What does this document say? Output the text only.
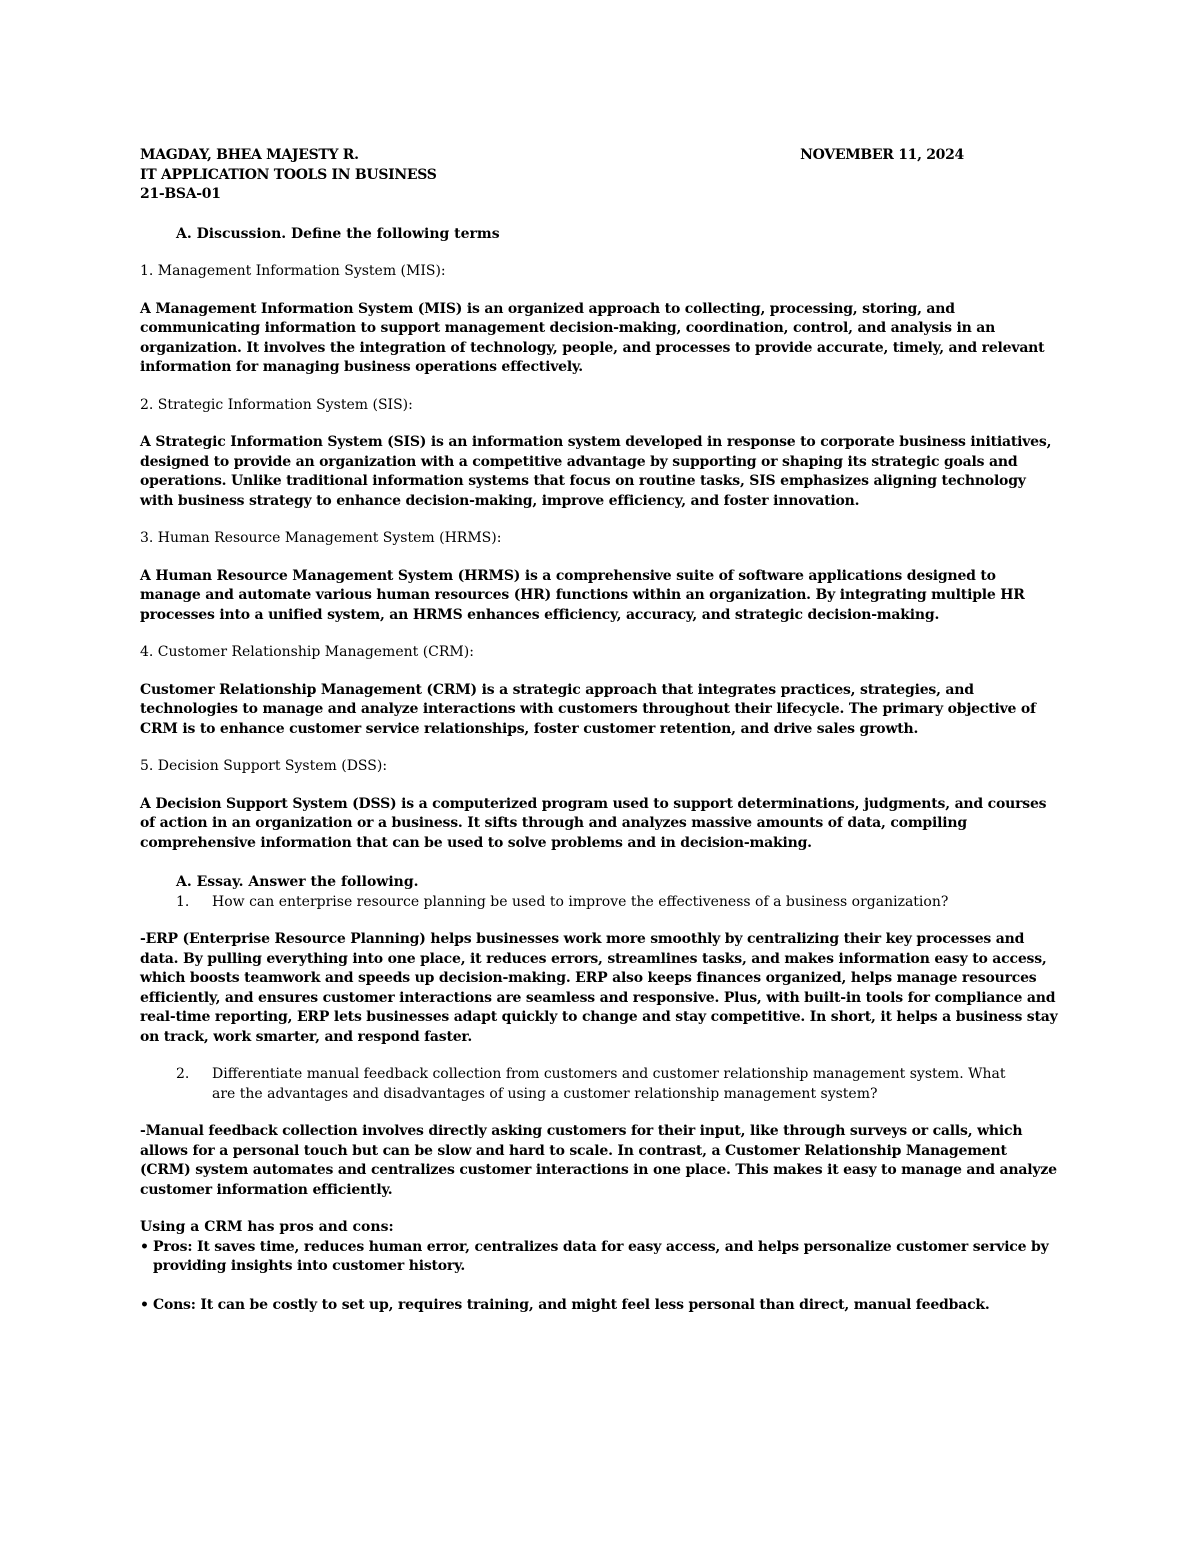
MAGDAY, BHEA MAJESTY R.	NOVEMBER 11, 2024
IT APPLICATION TOOLS IN BUSINESS
21-BSA-01
A. Discussion. Define the following terms
1. Management Information System (MIS):
A Management Information System (MIS) is an organized approach to collecting, processing, storing, and communicating information to support management decision-making, coordination, control, and analysis in an organization. It involves the integration of technology, people, and processes to provide accurate, timely, and relevant information for managing business operations effectively.
2. Strategic Information System (SIS):
A Strategic Information System (SIS) is an information system developed in response to corporate business initiatives, designed to provide an organization with a competitive advantage by supporting or shaping its strategic goals and operations. Unlike traditional information systems that focus on routine tasks, SIS emphasizes aligning technology with business strategy to enhance decision-making, improve efficiency, and foster innovation.
3. Human Resource Management System (HRMS):
A Human Resource Management System (HRMS) is a comprehensive suite of software applications designed to manage and automate various human resources (HR) functions within an organization. By integrating multiple HR processes into a unified system, an HRMS enhances efficiency, accuracy, and strategic decision-making.
4. Customer Relationship Management (CRM):
Customer Relationship Management (CRM) is a strategic approach that integrates practices, strategies, and technologies to manage and analyze interactions with customers throughout their lifecycle. The primary objective of CRM is to enhance customer service relationships, foster customer retention, and drive sales growth.
5. Decision Support System (DSS):
A Decision Support System (DSS) is a computerized program used to support determinations, judgments, and courses of action in an organization or a business. It sifts through and analyzes massive amounts of data, compiling comprehensive information that can be used to solve problems and in decision-making.
A. Essay. Answer the following.
1.	How can enterprise resource planning be used to improve the effectiveness of a business organization?
-ERP (Enterprise Resource Planning) helps businesses work more smoothly by centralizing their key processes and data. By pulling everything into one place, it reduces errors, streamlines tasks, and makes information easy to access, which boosts teamwork and speeds up decision-making. ERP also keeps finances organized, helps manage resources efficiently, and ensures customer interactions are seamless and responsive. Plus, with built-in tools for compliance and real-time reporting, ERP lets businesses adapt quickly to change and stay competitive. In short, it helps a business stay on track, work smarter, and respond faster.
2.	Differentiate manual feedback collection from customers and customer relationship management system. What are the advantages and disadvantages of using a customer relationship management system?
-Manual feedback collection involves directly asking customers for their input, like through surveys or calls, which allows for a personal touch but can be slow and hard to scale. In contrast, a Customer Relationship Management (CRM) system automates and centralizes customer interactions in one place. This makes it easy to manage and analyze customer information efficiently.
Using a CRM has pros and cons:
• Pros: It saves time, reduces human error, centralizes data for easy access, and helps personalize customer service by providing insights into customer history.
• Cons: It can be costly to set up, requires training, and might feel less personal than direct, manual feedback.
